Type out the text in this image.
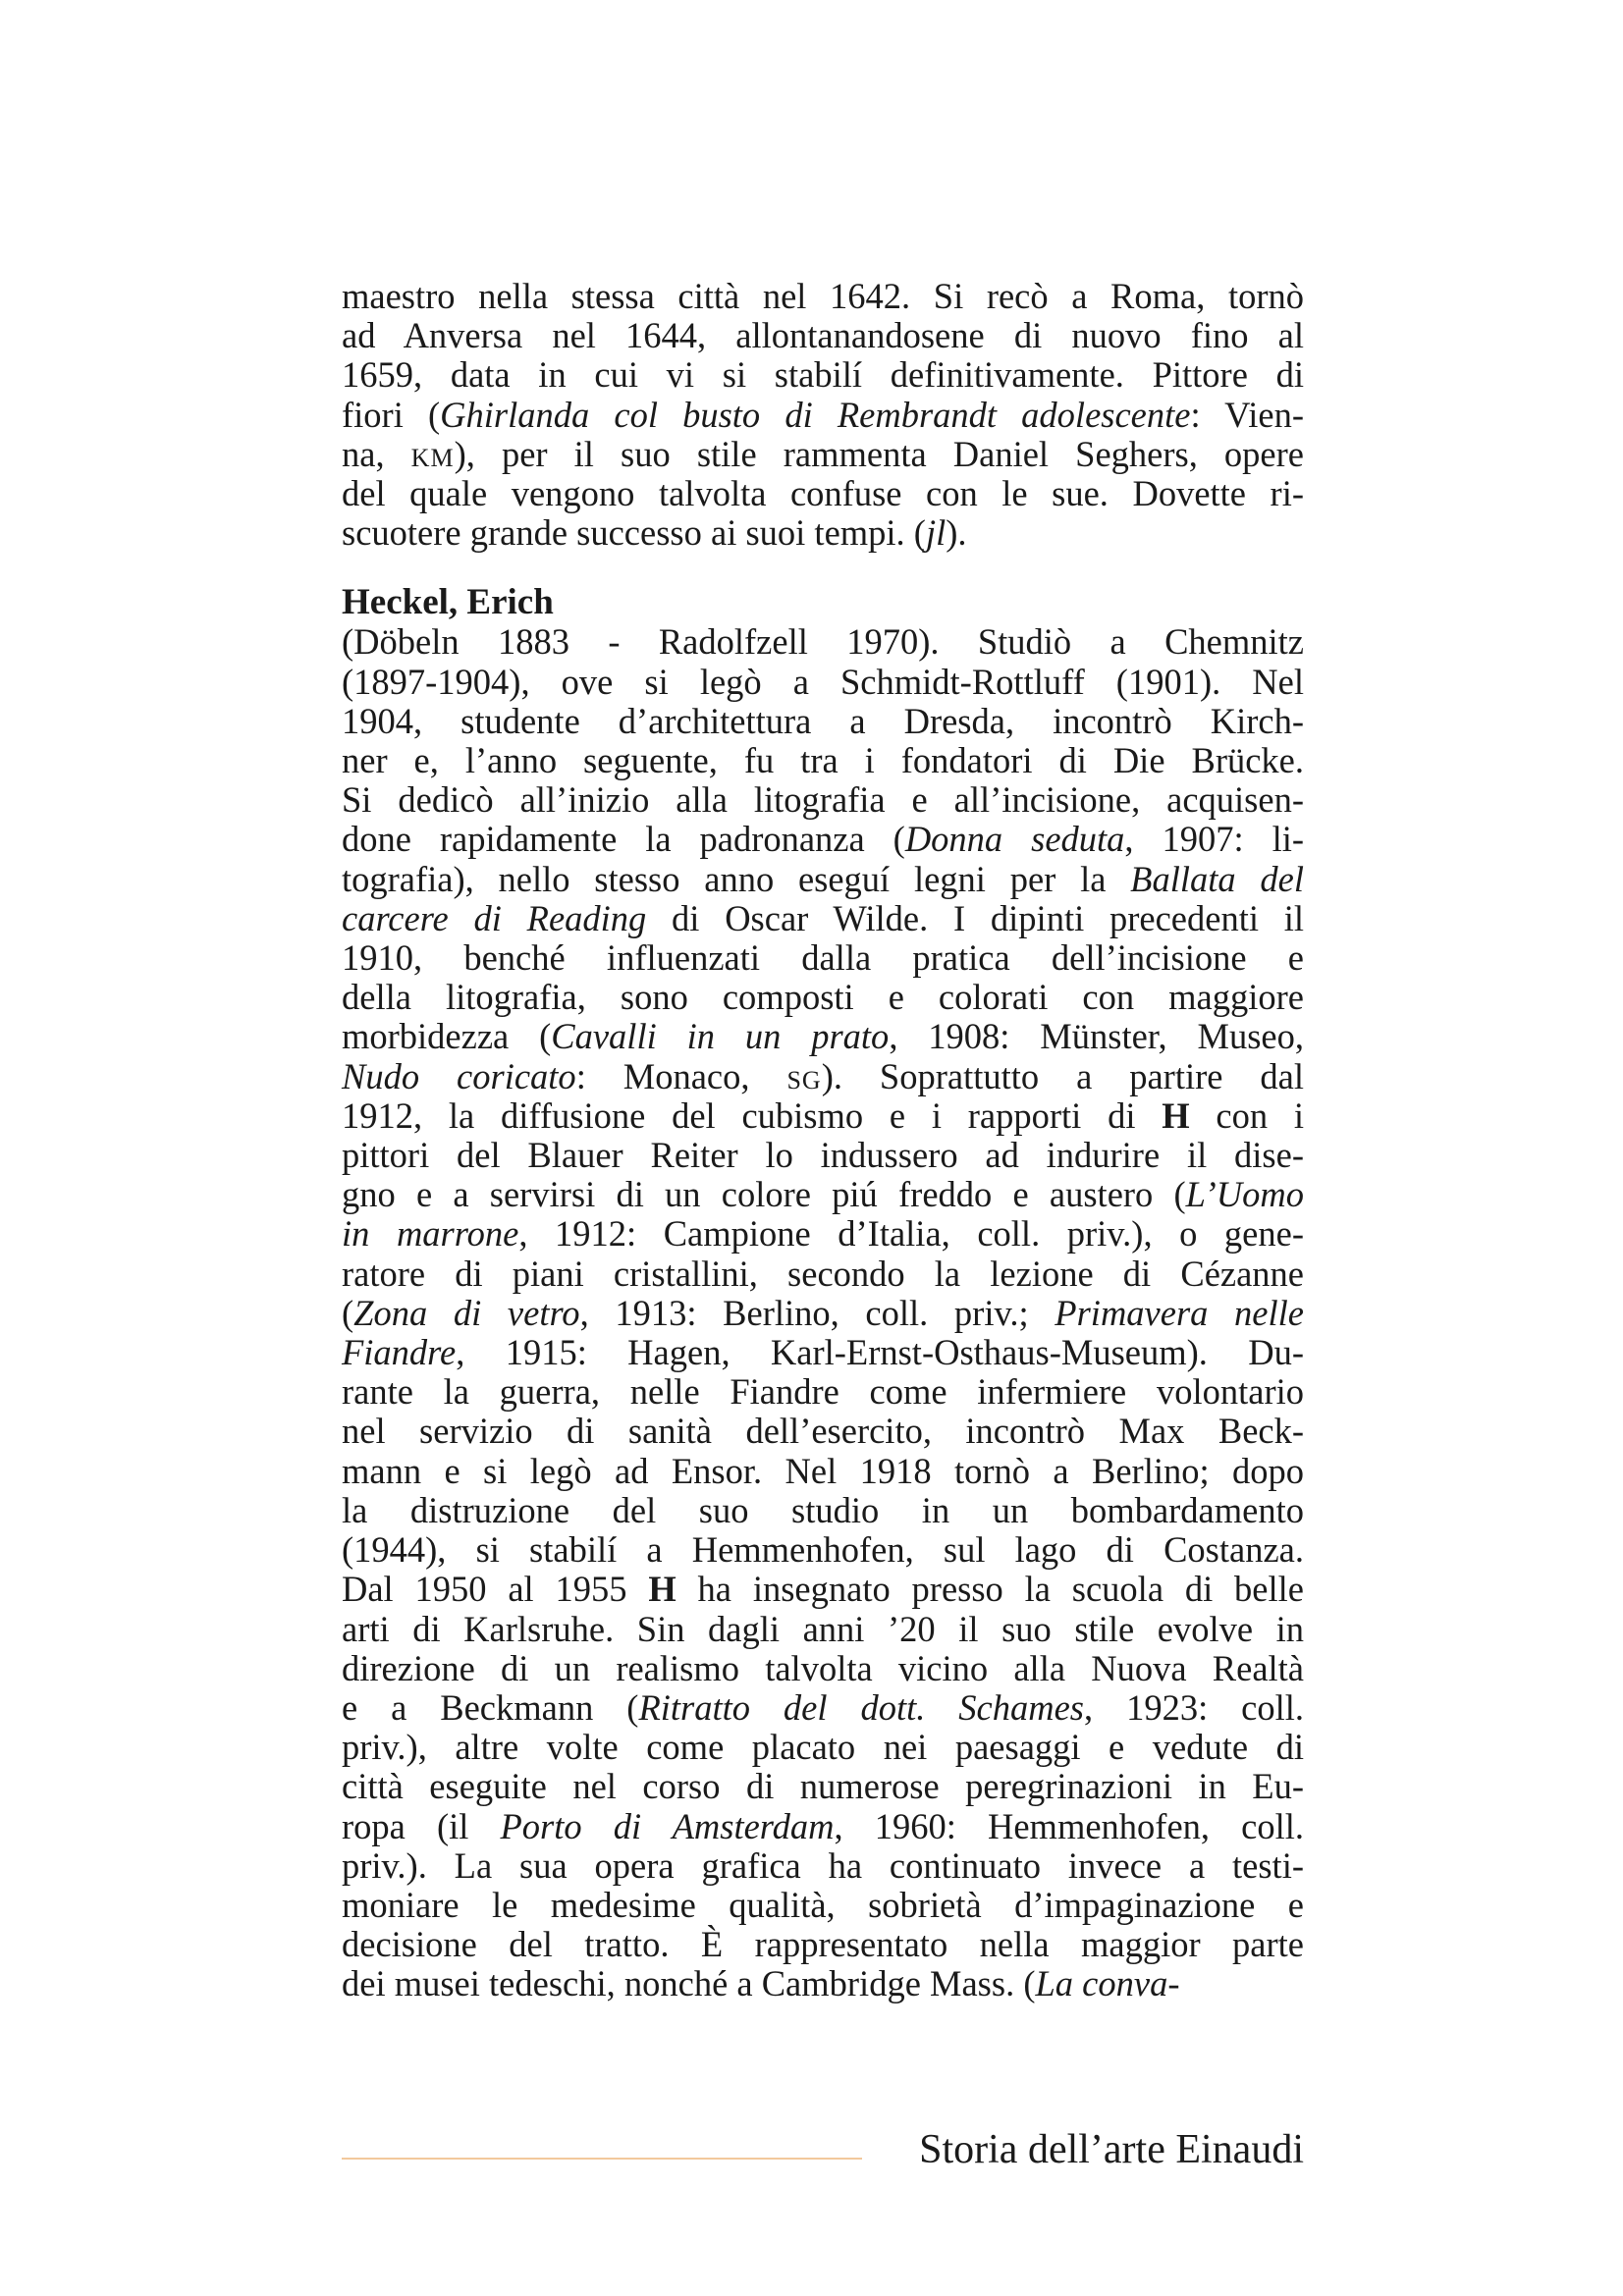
maestro nella stessa città nel 1642. Si recò a Roma, tornò
ad Anversa nel 1644, allontanandosene di nuovo fino al
1659, data in cui vi si stabilí definitivamente. Pittore di
fiori (Ghirlanda col busto di Rembrandt adolescente: Vien-
na, km), per il suo stile rammenta Daniel Seghers, opere
del quale vengono talvolta confuse con le sue. Dovette ri-
scuotere grande successo ai suoi tempi. (jl).
Heckel, Erich
(Döbeln 1883 - Radolfzell 1970). Studiò a Chemnitz
(1897-1904), ove si legò a Schmidt-Rottluff (1901). Nel
1904, studente d’architettura a Dresda, incontrò Kirch-
ner e, l’anno seguente, fu tra i fondatori di Die Brücke.
Si dedicò all’inizio alla litografia e all’incisione, acquisen-
done rapidamente la padronanza (Donna seduta, 1907: li-
tografia), nello stesso anno eseguí legni per la Ballata del
carcere di Reading di Oscar Wilde. I dipinti precedenti il
1910, benché influenzati dalla pratica dell’incisione e
della litografia, sono composti e colorati con maggiore
morbidezza (Cavalli in un prato, 1908: Münster, Museo,
Nudo coricato: Monaco, sg). Soprattutto a partire dal
1912, la diffusione del cubismo e i rapporti di H con i
pittori del Blauer Reiter lo indussero ad indurire il dise-
gno e a servirsi di un colore piú freddo e austero (L’Uomo
in marrone, 1912: Campione d’Italia, coll. priv.), o gene-
ratore di piani cristallini, secondo la lezione di Cézanne
(Zona di vetro, 1913: Berlino, coll. priv.; Primavera nelle
Fiandre, 1915: Hagen, Karl-Ernst-Osthaus-Museum). Du-
rante la guerra, nelle Fiandre come infermiere volontario
nel servizio di sanità dell’esercito, incontrò Max Beck-
mann e si legò ad Ensor. Nel 1918 tornò a Berlino; dopo
la distruzione del suo studio in un bombardamento
(1944), si stabilí a Hemmenhofen, sul lago di Costanza.
Dal 1950 al 1955 H ha insegnato presso la scuola di belle
arti di Karlsruhe. Sin dagli anni ’20 il suo stile evolve in
direzione di un realismo talvolta vicino alla Nuova Realtà
e a Beckmann (Ritratto del dott. Schames, 1923: coll.
priv.), altre volte come placato nei paesaggi e vedute di
città eseguite nel corso di numerose peregrinazioni in Eu-
ropa (il Porto di Amsterdam, 1960: Hemmenhofen, coll.
priv.). La sua opera grafica ha continuato invece a testi-
moniare le medesime qualità, sobrietà d’impaginazione e
decisione del tratto. È rappresentato nella maggior parte
dei musei tedeschi, nonché a Cambridge Mass. (La conva-
Storia dell’arte Einaudi
